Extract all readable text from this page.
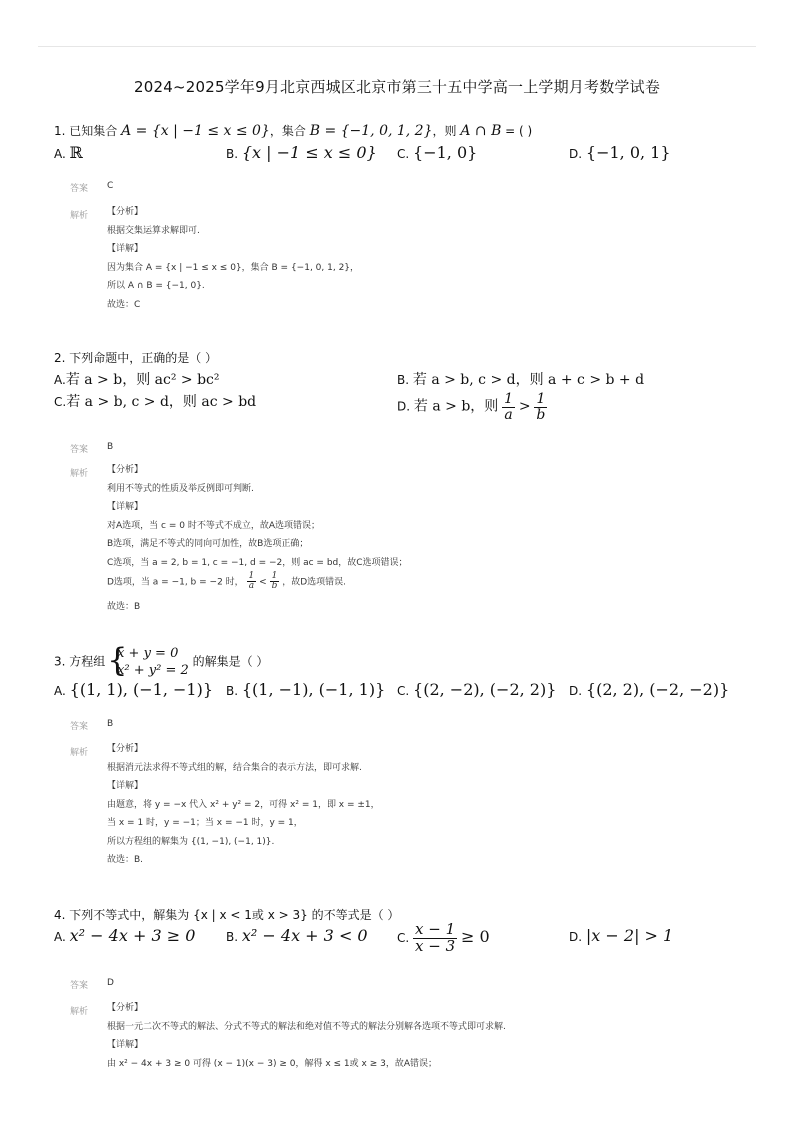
2024~2025学年9月北京西城区北京市第三十五中学高一上学期月考数学试卷
1. 已知集合 A = {x | −1 ≤ x ≤ 0}，集合 B = {−1, 0, 1, 2}，则 A ∩ B = ( )
A. ℝ	B. {x | −1 ≤ x ≤ 0} C. {−1, 0}	D. {−1, 0, 1}
答案 C
解析 【分析】
根据交集运算求解即可.
【详解】
因为集合 A = {x | −1 ≤ x ≤ 0}，集合 B = {−1, 0, 1, 2}，
所以 A ∩ B = {−1, 0}.
故选：C
2. 下列命题中，正确的是（ ）
A.若 a > b，则 ac² > bc²	B. 若 a > b, c > d，则 a + c > b + d
C.若 a > b, c > d，则 ac > bd	D. 若 a > b，则 $\frac{1}{a} > \frac{1}{b}$
答案 B
解析 【分析】
利用不等式的性质及举反例即可判断.
【详解】
对A选项，当 c = 0 时不等式不成立，故A选项错误；
B选项，满足不等式的同向可加性，故B选项正确；
C选项，当 a = 2, b = 1, c = −1, d = −2，则 ac = bd，故C选项错误；
D选项，当 a = −1, b = −2 时， $\frac{1}{a} < \frac{1}{b}$ ，故D选项错误.
故选：B
3. 方程组 {
x + y = 0
x² + y² = 2
的解集是（ ）
A. {(1, 1), (−1, −1)} B. {(1, −1), (−1, 1)} C. {(2, −2), (−2, 2)} D. {(2, 2), (−2, −2)}
答案 B
解析 【分析】
根据消元法求得不等式组的解，结合集合的表示方法，即可求解.
【详解】
由题意，将 y = −x 代入 x² + y² = 2，可得 x² = 1，即 x = ±1，
当 x = 1 时，y = −1；当 x = −1 时，y = 1，
所以方程组的解集为 {(1, −1), (−1, 1)}.
故选：B.
4. 下列不等式中，解集为 {x | x < 1或 x > 3} 的不等式是（ ）
A. x² − 4x + 3 ≥ 0	B. x² − 4x + 3 < 0 C. $\frac{x - 1}{x - 3} \ge 0$	D. |x − 2| > 1
答案 D
解析 【分析】
根据一元二次不等式的解法、分式不等式的解法和绝对值不等式的解法分别解各选项不等式即可求解.
【详解】
由 x² − 4x + 3 ≥ 0 可得 (x − 1)(x − 3) ≥ 0，解得 x ≤ 1或 x ≥ 3，故A错误；
